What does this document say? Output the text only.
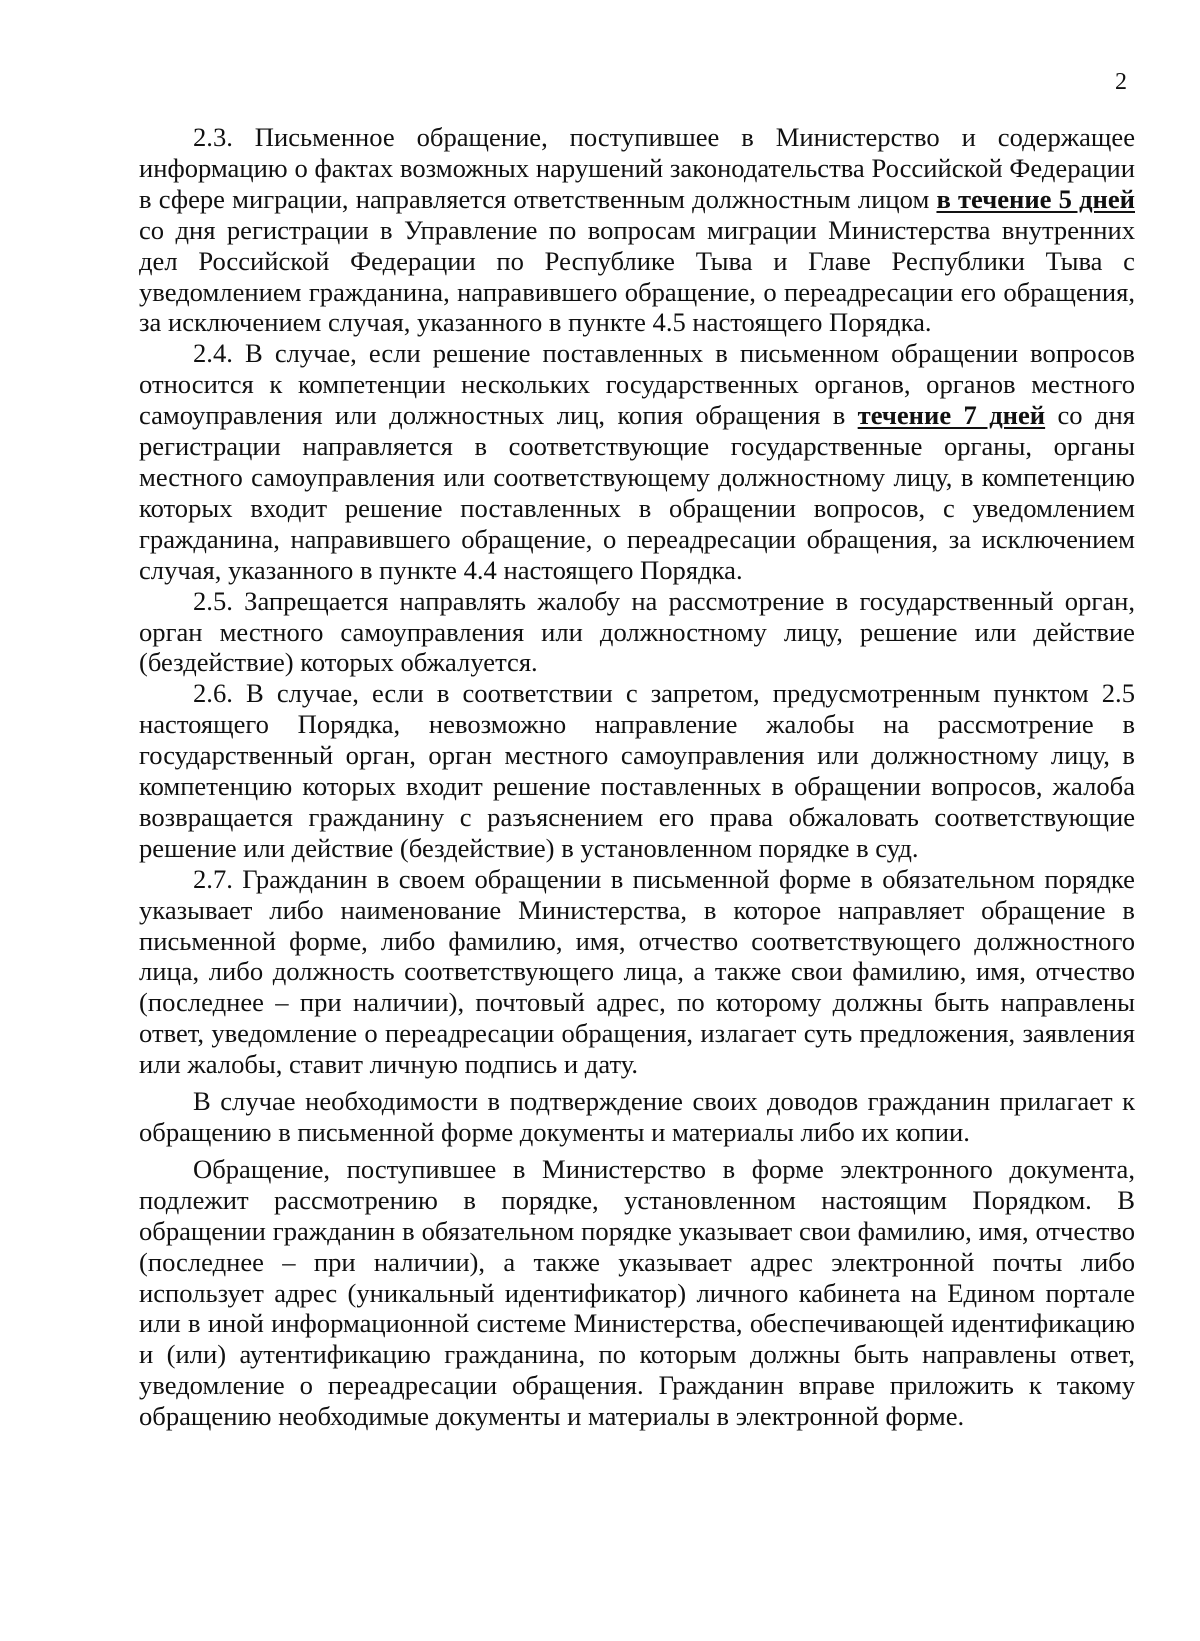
2

2.3. Письменное обращение, поступившее в Министерство и содержащее информацию о фактах возможных нарушений законодательства Российской Федерации в сфере миграции, направляется ответственным должностным лицом в течение 5 дней со дня регистрации в Управление по вопросам миграции Министерства внутренних дел Российской Федерации по Республике Тыва и Главе Республики Тыва с уведомлением гражданина, направившего обращение, о переадресации его обращения, за исключением случая, указанного в пункте 4.5 настоящего Порядка.

2.4. В случае, если решение поставленных в письменном обращении вопросов относится к компетенции нескольких государственных органов, органов местного самоуправления или должностных лиц, копия обращения в течение 7 дней со дня регистрации направляется в соответствующие государственные органы, органы местного самоуправления или соответствующему должностному лицу, в компетенцию которых входит решение поставленных в обращении вопросов, с уведомлением гражданина, направившего обращение, о переадресации обращения, за исключением случая, указанного в пункте 4.4 настоящего Порядка.

2.5. Запрещается направлять жалобу на рассмотрение в государственный орган, орган местного самоуправления или должностному лицу, решение или действие (бездействие) которых обжалуется.

2.6. В случае, если в соответствии с запретом, предусмотренным пунктом 2.5 настоящего Порядка, невозможно направление жалобы на рассмотрение в государственный орган, орган местного самоуправления или должностному лицу, в компетенцию которых входит решение поставленных в обращении вопросов, жалоба возвращается гражданину с разъяснением его права обжаловать соответствующие решение или действие (бездействие) в установленном порядке в суд.

2.7. Гражданин в своем обращении в письменной форме в обязательном порядке указывает либо наименование Министерства, в которое направляет обращение в письменной форме, либо фамилию, имя, отчество соответствующего должностного лица, либо должность соответствующего лица, а также свои фамилию, имя, отчество (последнее – при наличии), почтовый адрес, по которому должны быть направлены ответ, уведомление о переадресации обращения, излагает суть предложения, заявления или жалобы, ставит личную подпись и дату.

В случае необходимости в подтверждение своих доводов гражданин прилагает к обращению в письменной форме документы и материалы либо их копии.

Обращение, поступившее в Министерство в форме электронного документа, подлежит рассмотрению в порядке, установленном настоящим Порядком. В обращении гражданин в обязательном порядке указывает свои фамилию, имя, отчество (последнее – при наличии), а также указывает адрес электронной почты либо использует адрес (уникальный идентификатор) личного кабинета на Едином портале или в иной информационной системе Министерства, обеспечивающей идентификацию и (или) аутентификацию гражданина, по которым должны быть направлены ответ, уведомление о переадресации обращения. Гражданин вправе приложить к такому обращению необходимые документы и материалы в электронной форме.
